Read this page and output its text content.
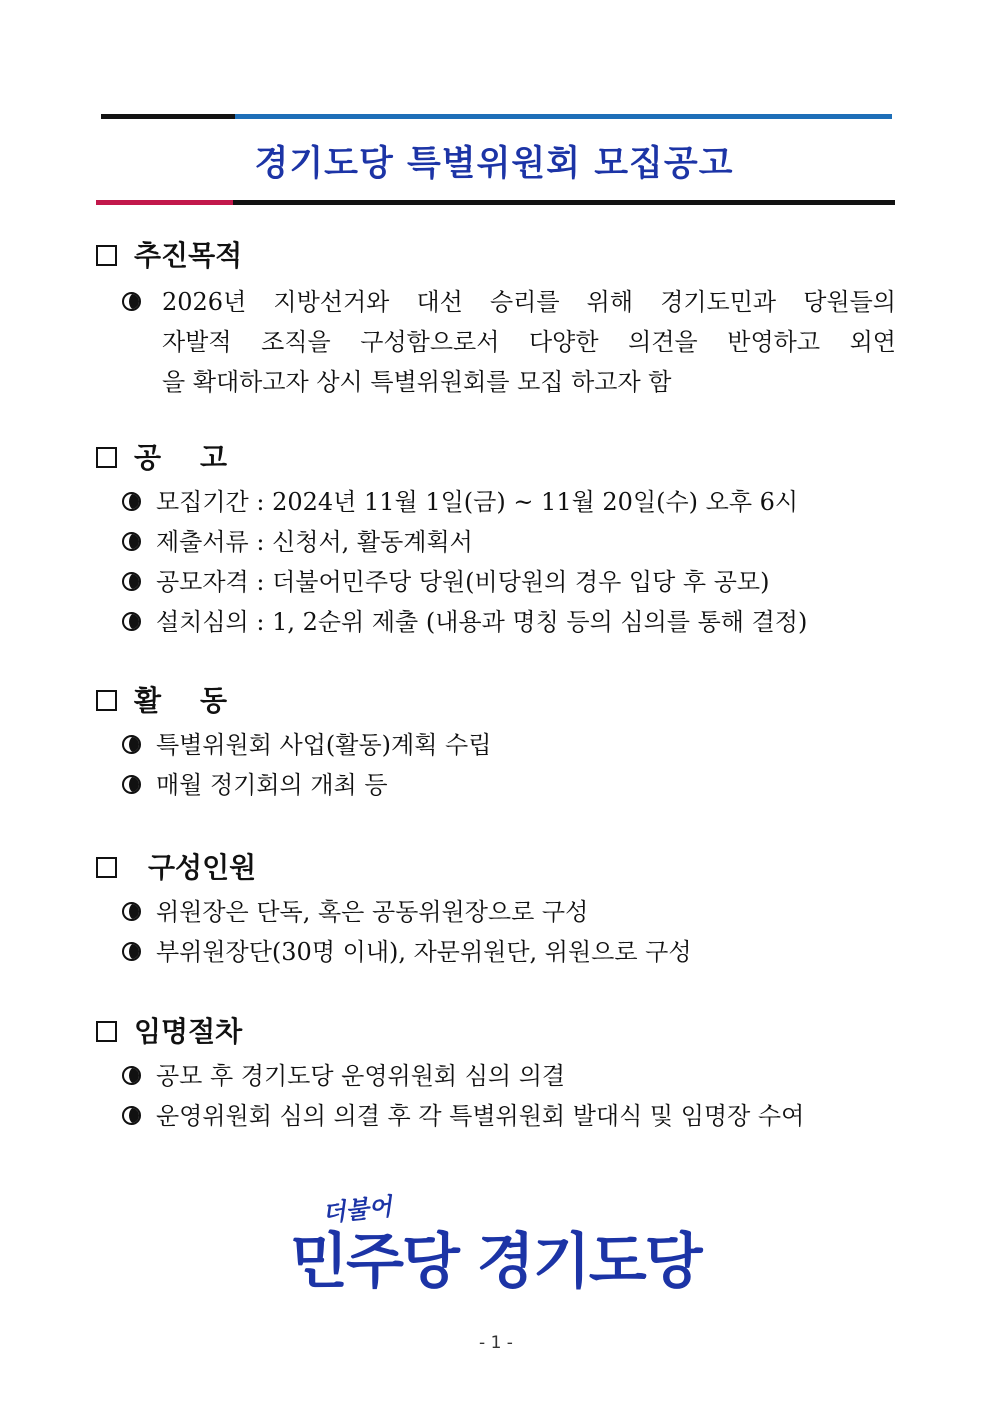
경기도당 특별위원회 모집공고
추진목적
2026년 지방선거와 대선 승리를 위해 경기도민과 당원들의
자발적 조직을 구성함으로서 다양한 의견을 반영하고 외연
을 확대하고자 상시 특별위원회를 모집 하고자 함
공    고
모집기간 : 2024년 11월 1일(금) ~ 11월 20일(수) 오후 6시
제출서류 : 신청서, 활동계획서
공모자격 : 더불어민주당 당원(비당원의 경우 입당 후 공모)
설치심의 : 1, 2순위 제출 (내용과 명칭 등의 심의를 통해 결정)
활    동
특별위원회 사업(활동)계획 수립
매월 정기회의 개최 등
구성인원
위원장은 단독, 혹은 공동위원장으로 구성
부위원장단(30명 이내), 자문위원단, 위원으로 구성
임명절차
공모 후 경기도당 운영위원회 심의 의결
운영위원회 심의 의결 후 각 특별위원회 발대식 및 임명장 수여
더불어
민주당 경기도당
- 1 -
